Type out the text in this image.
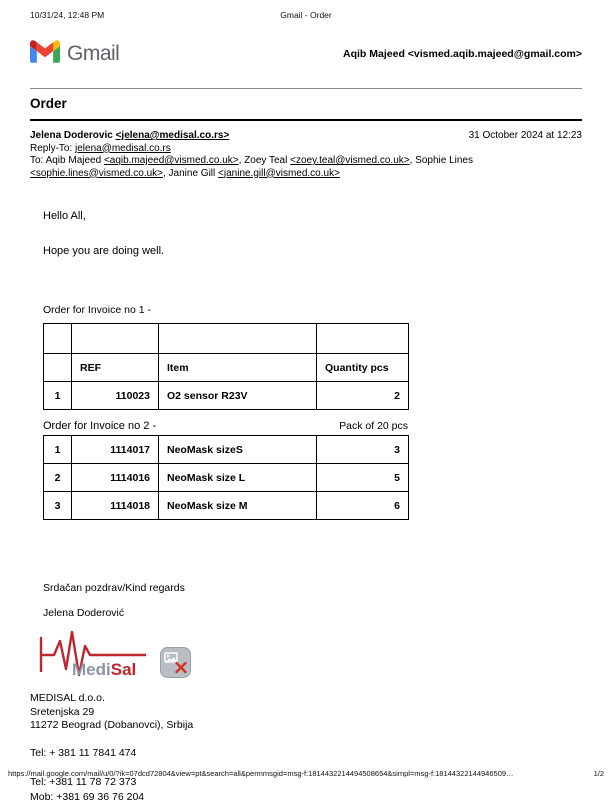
10/31/24, 12:48 PM	Gmail - Order
Gmail	Aqib Majeed <vismed.aqib.majeed@gmail.com>
Order
Jelena Doderovic <jelena@medisal.co.rs>	31 October 2024 at 12:23
Reply-To: jelena@medisal.co.rs
To: Aqib Majeed <aqib.majeed@vismed.co.uk>, Zoey Teal <zoey.teal@vismed.co.uk>, Sophie Lines <sophie.lines@vismed.co.uk>, Janine Gill <janine.gill@vismed.co.uk>
Hello All,
Hope you are doing well.
Order for Invoice no 1 -

	REF	Item	Quantity pcs
1	110023	O2 sensor R23V	2
Order for Invoice no 2 -	Pack of 20 pcs
1	1114017	NeoMask sizeS	3
2	1114016	NeoMask size L	5
3	1114018	NeoMask size M	6
Srdačan pozdrav/Kind regards
Jelena Doderović
MediSal
MEDISAL d.o.o.
Sretenjska 29
11272 Beograd (Dobanovci), Srbija
Tel: + 381 11 7841 474
Tel: +381 11 78 72 373
Mob: +381 69 36 76 204
https://mail.google.com/mail/u/0/?ik=07dcd72804&view=pt&search=all&permmsgid=msg-f:1814432214494508654&simpl=msg-f:18144322144946509…	1/2
